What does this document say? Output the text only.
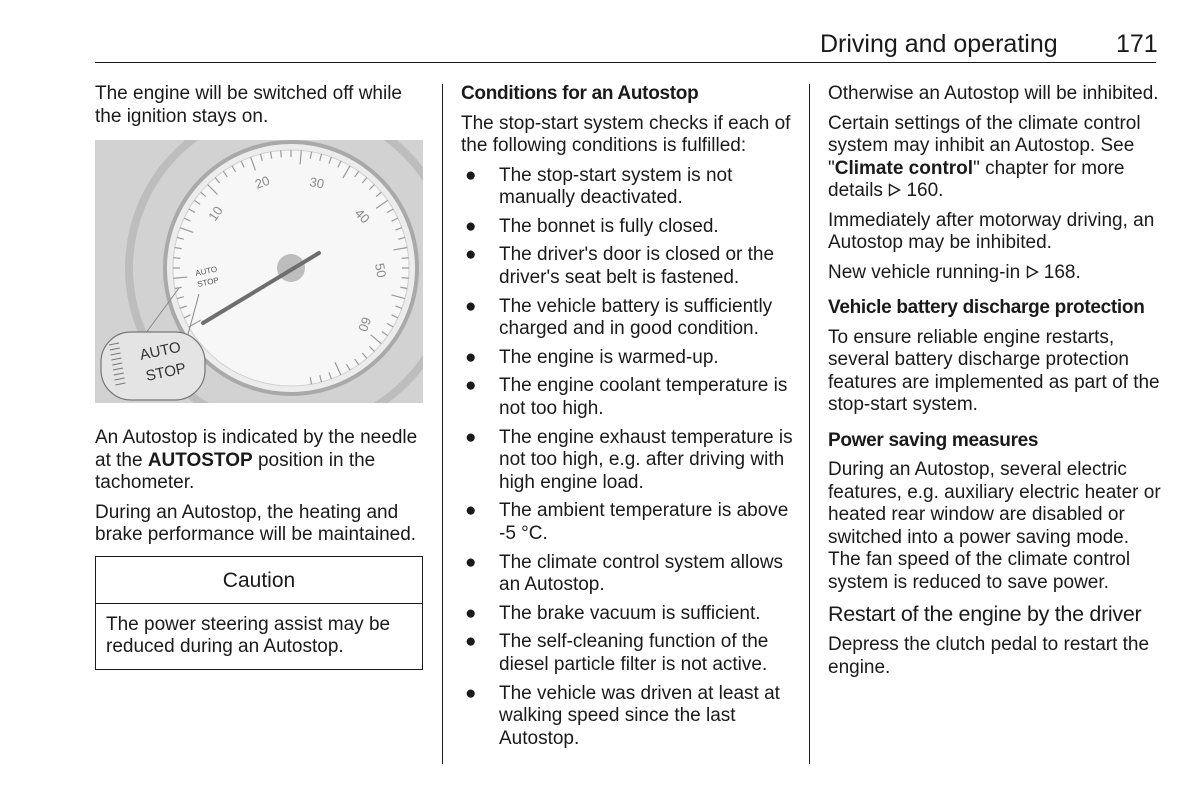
Driving and operating 171

The engine will be switched off while the ignition stays on.

10
20	30
40
50
60
AUTO
STOP
AUTO
STOP

An Autostop is indicated by the needle at the AUTOSTOP position in the tachometer.

During an Autostop, the heating and brake performance will be maintained.

Caution
The power steering assist may be reduced during an Autostop.

Conditions for an Autostop

The stop-start system checks if each of the following conditions is fulfilled:

● The stop-start system is not manually deactivated.
● The bonnet is fully closed.
● The driver's door is closed or the driver's seat belt is fastened.
● The vehicle battery is sufficiently charged and in good condition.
● The engine is warmed-up.
● The engine coolant temperature is not too high.
● The engine exhaust temperature is not too high, e.g. after driving with high engine load.
● The ambient temperature is above -5 °C.
● The climate control system allows an Autostop.
● The brake vacuum is sufficient.
● The self-cleaning function of the diesel particle filter is not active.
● The vehicle was driven at least at walking speed since the last Autostop.

Otherwise an Autostop will be inhibited.

Certain settings of the climate control system may inhibit an Autostop. See "Climate control" chapter for more details 160.

Immediately after motorway driving, an Autostop may be inhibited.

New vehicle running-in 168.

Vehicle battery discharge protection

To ensure reliable engine restarts, several battery discharge protection features are implemented as part of the stop-start system.

Power saving measures

During an Autostop, several electric features, e.g. auxiliary electric heater or heated rear window are disabled or switched into a power saving mode. The fan speed of the climate control system is reduced to save power.

Restart of the engine by the driver

Depress the clutch pedal to restart the engine.
